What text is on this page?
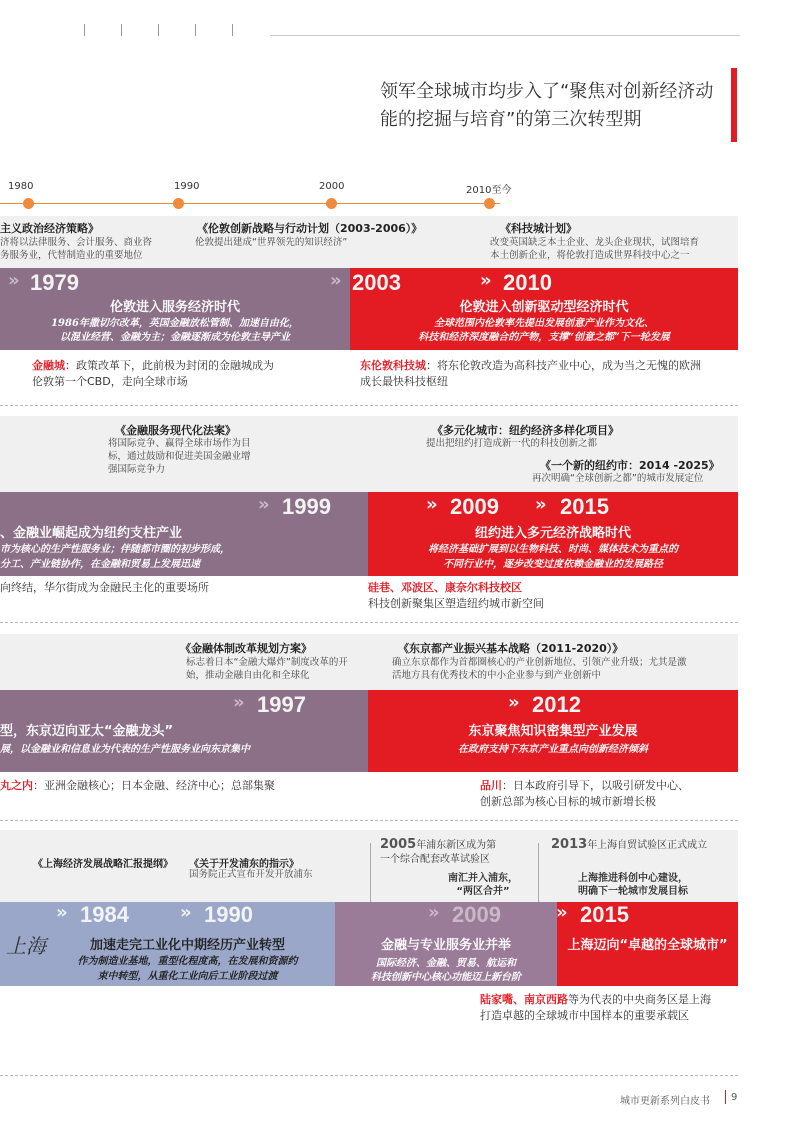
领军全球城市均步入了“聚焦对创新经济动能的挖掘与培育”的第三次转型期
1980	1990	2000	2010至今
主义政治经济策略》
济将以法律服务、会计服务、商业咨
务服务业，代替制造业的重要地位
《伦敦创新战略与行动计划（2003-2006）》
伦敦提出建成“世界领先的知识经济”
《科技城计划》
改变英国缺乏本土企业、龙头企业现状，试图培育
本土创新企业，将伦敦打造成世界科技中心之一
» 1979
伦敦进入服务经济时代
1986年撒切尔改革，英国金融放松管制、加速自由化，
以混业经营、金融为主；金融逐渐成为伦敦主导产业
» 2003	» 2010
伦敦进入创新驱动型经济时代
全球范围内伦敦率先提出发展创意产业作为文化、
科技和经济深度融合的产物，支撑“创意之都”下一轮发展
金融城：政策改革下，此前极为封闭的金融城成为
伦敦第一个CBD，走向全球市场
东伦敦科技城：将东伦敦改造为高科技产业中心，成为当之无愧的欧洲
成长最快科技枢纽
《金融服务现代化法案》
将国际竞争、赢得全球市场作为目
标，通过鼓励和促进美国金融业增
强国际竞争力
《多元化城市：纽约经济多样化项目》
提出把纽约打造成新一代的科技创新之都
《一个新的纽约市：2014 -2025》
再次明确“全球创新之都”的城市发展定位
» 1999
、金融业崛起成为纽约支柱产业
市为核心的生产性服务业；伴随都市圈的初步形成，
分工、产业链协作，在金融和贸易上发展迅速
» 2009 » 2015
纽约进入多元经济战略时代
将经济基础扩展到以生物科技、时尚、媒体技术为重点的
不同行业中，逐步改变过度依赖金融业的发展路径
向终结，华尔街成为金融民主化的重要场所	硅巷、邓波区、康奈尔科技校区
科技创新聚集区塑造纽约城市新空间
《金融体制改革规划方案》
标志着日本“金融大爆炸”制度改革的开
始，推动金融自由化和全球化
《东京都产业振兴基本战略（2011-2020）》
确立东京都作为首都圈核心的产业创新地位、引领产业升级；尤其是激
活地方具有优秀技术的中小企业参与到产业创新中
» 1997
型，东京迈向亚太“金融龙头”
展，以金融业和信息业为代表的生产性服务业向东京集中
» 2012
东京聚焦知识密集型产业发展
在政府支持下东京产业重点向创新经济倾斜
丸之内：亚洲金融核心；日本金融、经济中心；总部集聚	品川：日本政府引导下，以吸引研发中心、
创新总部为核心目标的城市新增长极
《上海经济发展战略汇报提纲》 《关于开发浦东的指示》
国务院正式宣布开发开放浦东
2005年浦东新区成为第
一个综合配套改革试验区
2013年上海自贸试验区正式成立
南汇并入浦东，
“两区合并”
上海推进科创中心建设，
明确下一轮城市发展目标
上海
» 1984	» 1990
加速走完工业化中期经历产业转型
作为制造业基地，重型化程度高，在发展和资源约
束中转型，从重化工业向后工业阶段过渡
» 2009
金融与专业服务业并举
国际经济、金融、贸易、航运和
科技创新中心核心功能迈上新台阶
» 2015
上海迈向“卓越的全球城市”
陆家嘴、南京西路等为代表的中央商务区是上海
打造卓越的全球城市中国样本的重要承载区
城市更新系列白皮书 9
